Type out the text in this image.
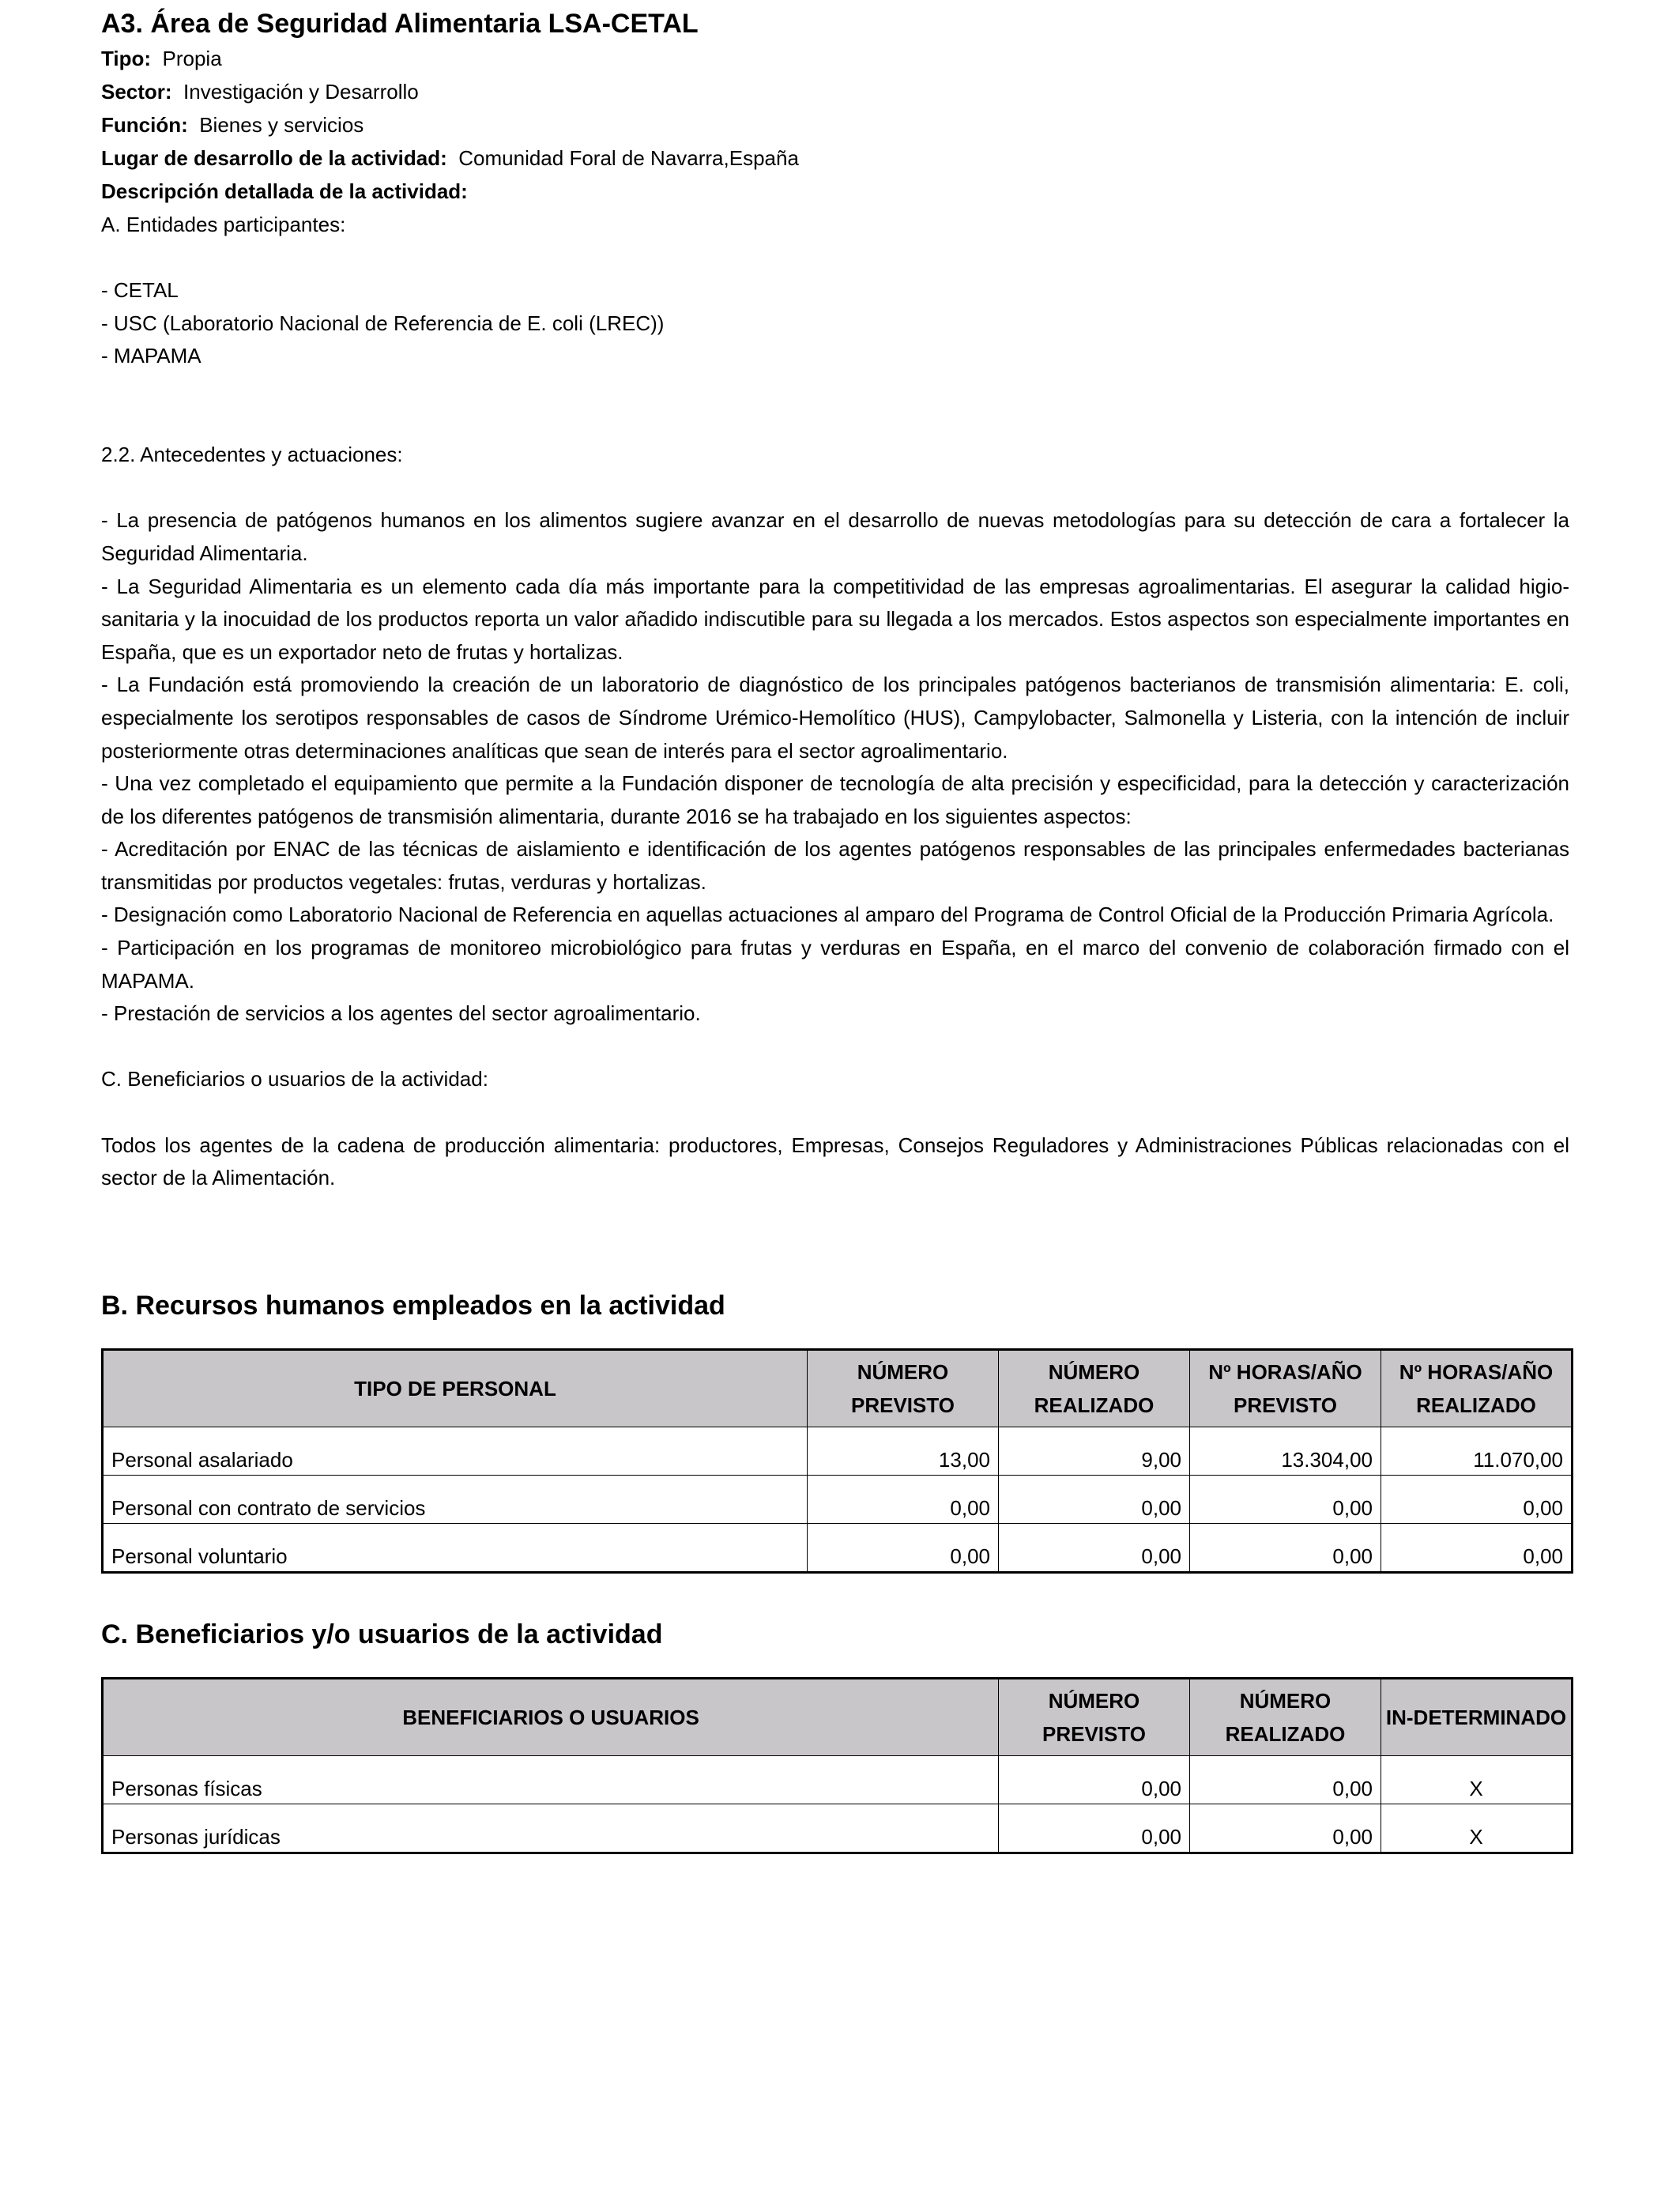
A3. Área de Seguridad Alimentaria LSA-CETAL

Tipo: Propia

Sector: Investigación y Desarrollo

Función: Bienes y servicios

Lugar de desarrollo de la actividad: Comunidad Foral de Navarra,España

Descripción detallada de la actividad:

A. Entidades participantes:

- CETAL

- USC (Laboratorio Nacional de Referencia de E. coli (LREC))

- MAPAMA

2.2. Antecedentes y actuaciones:

- La presencia de patógenos humanos en los alimentos sugiere avanzar en el desarrollo de nuevas metodologías para su detección de cara a fortalecer la Seguridad Alimentaria.

- La Seguridad Alimentaria es un elemento cada día más importante para la competitividad de las empresas agroalimentarias. El asegurar la calidad higio-sanitaria y la inocuidad de los productos reporta un valor añadido indiscutible para su llegada a los mercados. Estos aspectos son especialmente importantes en España, que es un exportador neto de frutas y hortalizas.

- La Fundación está promoviendo la creación de un laboratorio de diagnóstico de los principales patógenos bacterianos de transmisión alimentaria: E. coli, especialmente los serotipos responsables de casos de Síndrome Urémico-Hemolítico (HUS), Campylobacter, Salmonella y Listeria, con la intención de incluir posteriormente otras determinaciones analíticas que sean de interés para el sector agroalimentario.

- Una vez completado el equipamiento que permite a la Fundación disponer de tecnología de alta precisión y especificidad, para la detección y caracterización de los diferentes patógenos de transmisión alimentaria, durante 2016 se ha trabajado en los siguientes aspectos:

- Acreditación por ENAC de las técnicas de aislamiento e identificación de los agentes patógenos responsables de las principales enfermedades bacterianas transmitidas por productos vegetales: frutas, verduras y hortalizas.

- Designación como Laboratorio Nacional de Referencia en aquellas actuaciones al amparo del Programa de Control Oficial de la Producción Primaria Agrícola.

- Participación en los programas de monitoreo microbiológico para frutas y verduras en España, en el marco del convenio de colaboración firmado con el MAPAMA.

- Prestación de servicios a los agentes del sector agroalimentario.

C. Beneficiarios o usuarios de la actividad:

Todos los agentes de la cadena de producción alimentaria: productores, Empresas, Consejos Reguladores y Administraciones Públicas relacionadas con el sector de la Alimentación.

B. Recursos humanos empleados en la actividad
TIPO DE PERSONAL	NÚMERO PREVISTO	NÚMERO REALIZADO	Nº HORAS/AÑO PREVISTO	Nº HORAS/AÑO REALIZADO
Personal asalariado	13,00	9,00	13.304,00	11.070,00
Personal con contrato de servicios	0,00	0,00	0,00	0,00
Personal voluntario	0,00	0,00	0,00	0,00
C. Beneficiarios y/o usuarios de la actividad
BENEFICIARIOS O USUARIOS	NÚMERO PREVISTO	NÚMERO REALIZADO	IN-DETERMINADO
Personas físicas	0,00	0,00	X
Personas jurídicas	0,00	0,00	X
